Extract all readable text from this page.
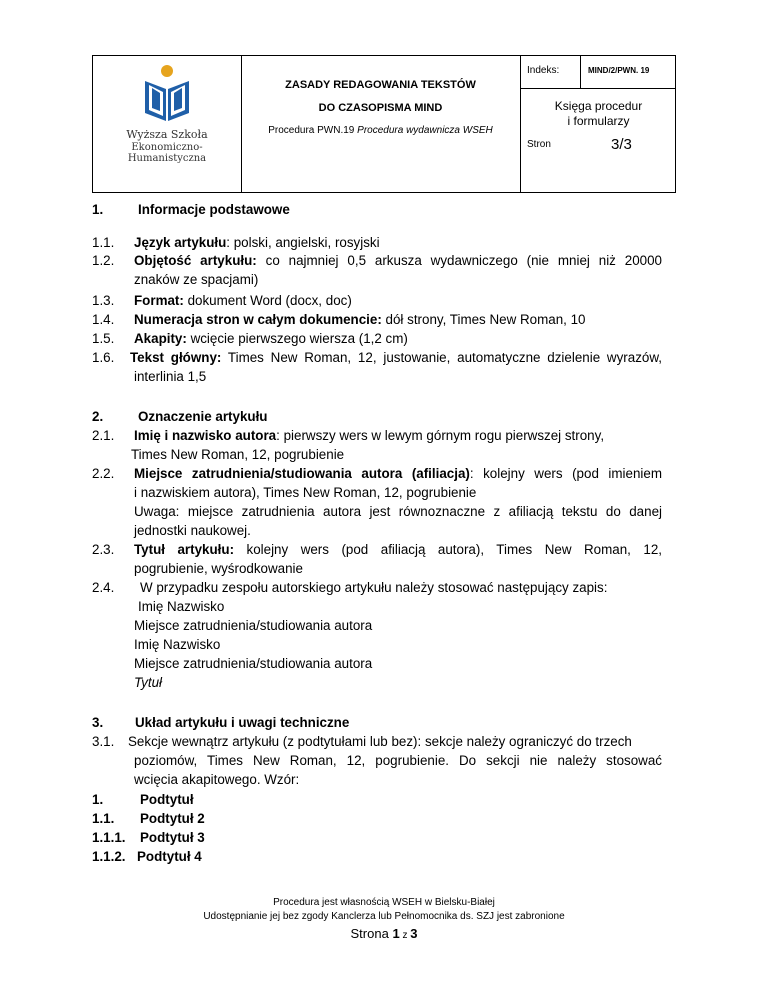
Wyższa Szkoła
Ekonomiczno-Humanistyczna
ZASADY REDAGOWANIA TEKSTÓW
DO CZASOPISMA MIND
Procedura PWN.19 Procedura wydawnicza WSEH
Indeks:	MIND/2/PWN. 19
Księga procedur
i formularzy
Stron	3/3
1.	Informacje podstawowe
1.1. Język artykułu: polski, angielski, rosyjski
1.2. Objętość artykułu: co najmniej 0,5 arkusza wydawniczego (nie mniej niż 20000
znaków ze spacjami)
1.3. Format: dokument Word (docx, doc)
1.4. Numeracja stron w całym dokumencie: dół strony, Times New Roman, 10
1.5. Akapity: wcięcie pierwszego wiersza (1,2 cm)
1.6. Tekst główny: Times New Roman, 12, justowanie, automatyczne dzielenie wyrazów,
interlinia 1,5
2.	Oznaczenie artykułu
2.1. Imię i nazwisko autora: pierwszy wers w lewym górnym rogu pierwszej strony,
Times New Roman, 12, pogrubienie
2.2. Miejsce zatrudnienia/studiowania autora (afiliacja): kolejny wers (pod imieniem
i nazwiskiem autora), Times New Roman, 12, pogrubienie
Uwaga: miejsce zatrudnienia autora jest równoznaczne z afiliacją tekstu do danej
jednostki naukowej.
2.3. Tytuł artykułu: kolejny wers (pod afiliacją autora), Times New Roman, 12,
pogrubienie, wyśrodkowanie
2.4. W przypadku zespołu autorskiego artykułu należy stosować następujący zapis:
Imię Nazwisko
Miejsce zatrudnienia/studiowania autora
Imię Nazwisko
Miejsce zatrudnienia/studiowania autora
Tytuł
3. Układ artykułu i uwagi techniczne
3.1. Sekcje wewnątrz artykułu (z podtytułami lub bez): sekcje należy ograniczyć do trzech
poziomów, Times New Roman, 12, pogrubienie. Do sekcji nie należy stosować
wcięcia akapitowego. Wzór:
1.	Podtytuł
1.1. Podtytuł 2
1.1.1. Podtytuł 3
1.1.2. Podtytuł 4
Procedura jest własnością WSEH w Bielsku-Białej
Udostępnianie jej bez zgody Kanclerza lub Pełnomocnika ds. SZJ jest zabronione
Strona 1 z 3
